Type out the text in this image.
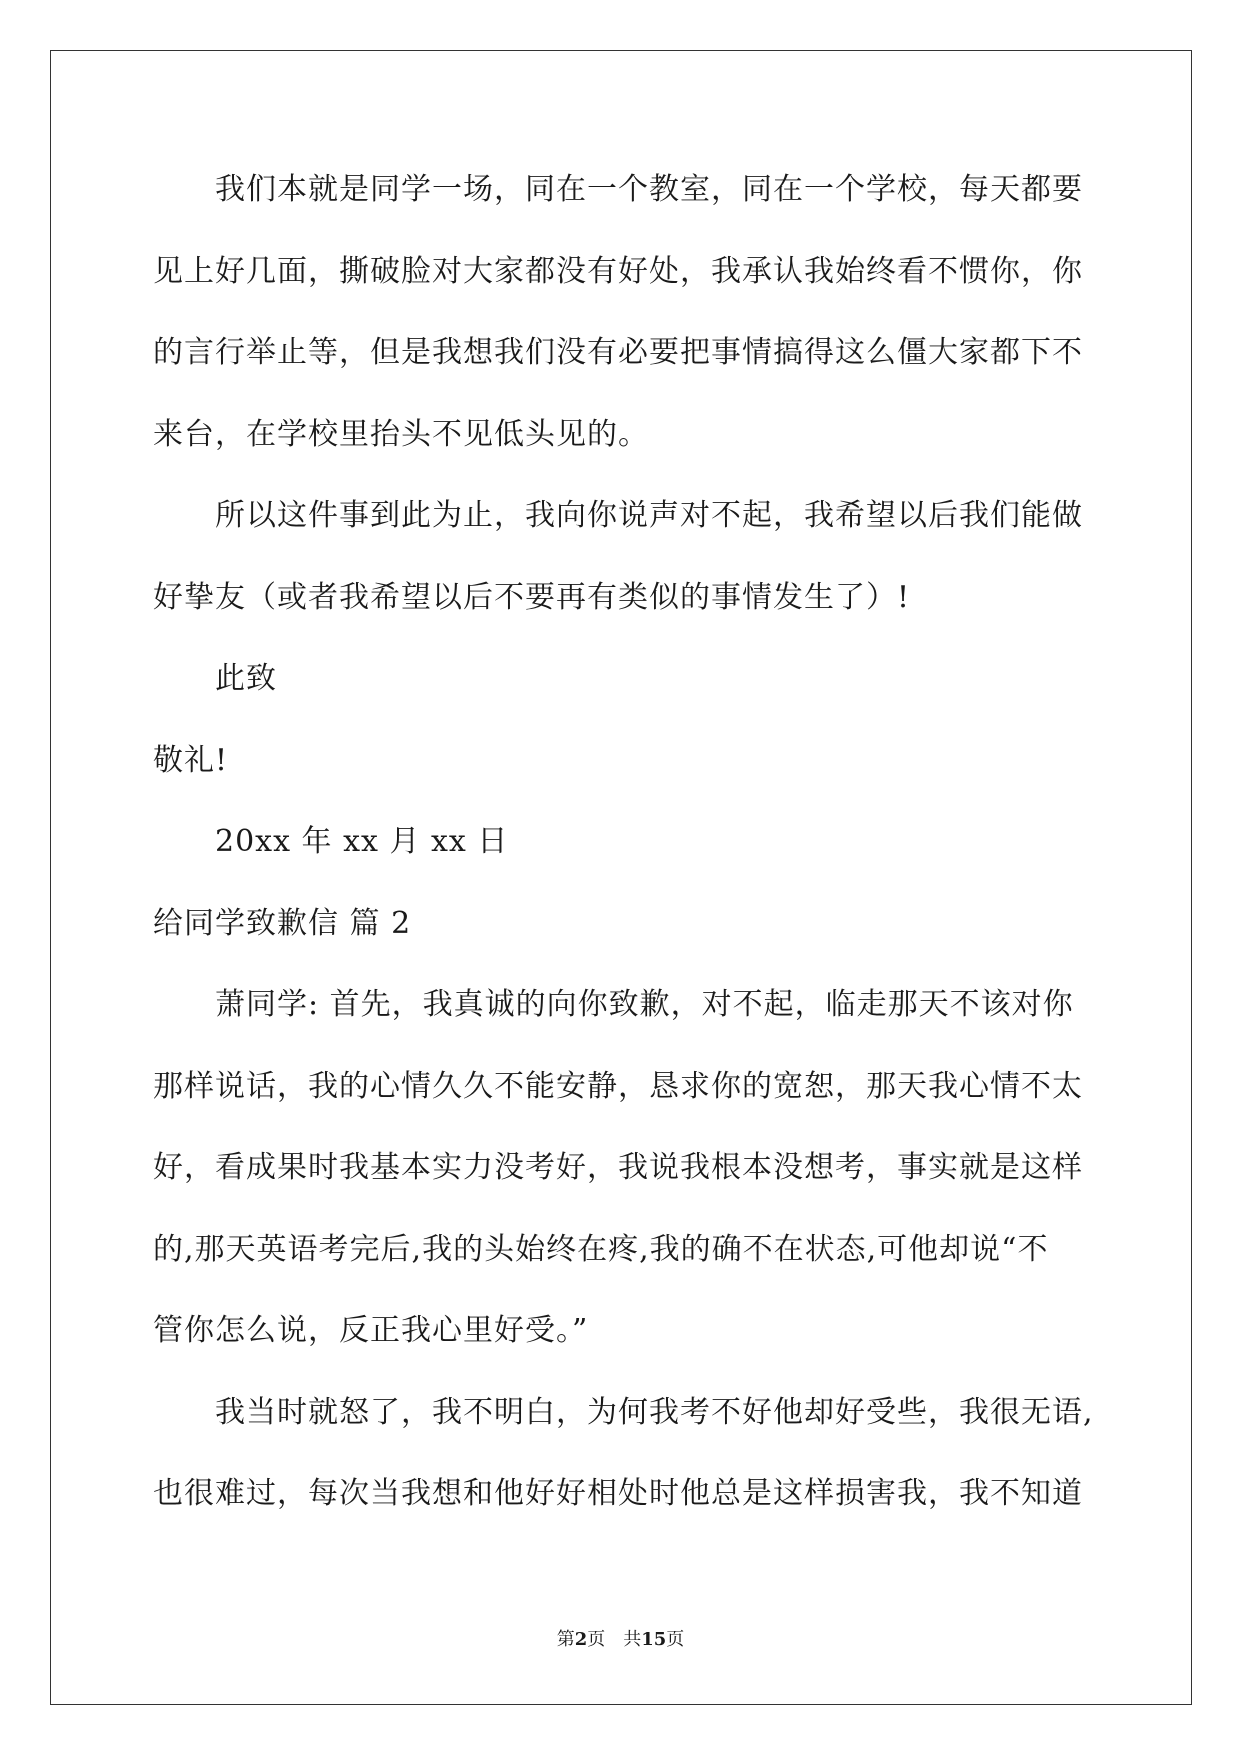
我们本就是同学一场，同在一个教室，同在一个学校，每天都要
见上好几面，撕破脸对大家都没有好处，我承认我始终看不惯你，你
的言行举止等，但是我想我们没有必要把事情搞得这么僵大家都下不
来台，在学校里抬头不见低头见的。
所以这件事到此为止，我向你说声对不起，我希望以后我们能做
好挚友（或者我希望以后不要再有类似的事情发生了）!
此致
敬礼!
20xx 年 xx 月 xx 日
给同学致歉信 篇 2
萧同学: 首先，我真诚的向你致歉，对不起，临走那天不该对你
那样说话，我的心情久久不能安静，恳求你的宽恕，那天我心情不太
好，看成果时我基本实力没考好，我说我根本没想考，事实就是这样
的,那天英语考完后,我的头始终在疼,我的确不在状态,可他却说“不
管你怎么说，反正我心里好受。”
我当时就怒了，我不明白，为何我考不好他却好受些，我很无语,
也很难过，每次当我想和他好好相处时他总是这样损害我，我不知道
第2页 共15页
